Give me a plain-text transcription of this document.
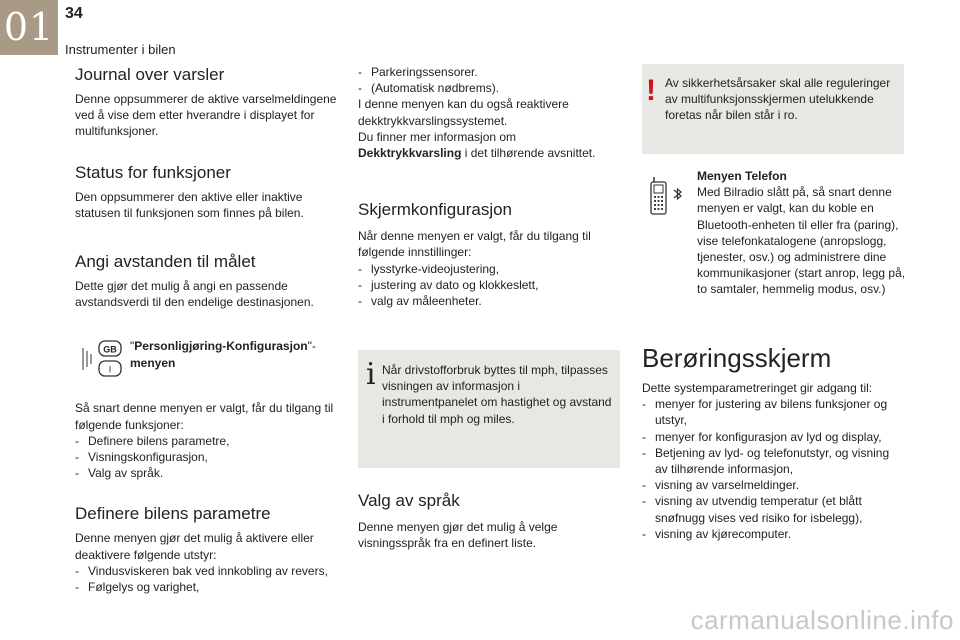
01 34
Instrumenter i bilen
Journal over varsler

Denne oppsummerer de aktive varselmeldingene ved å vise dem etter hverandre i displayet for multifunksjoner.

Status for funksjoner

Den oppsummerer den aktive eller inaktive statusen til funksjonen som finnes på bilen.

Angi avstanden til målet

Dette gjør det mulig å angi en passende avstandsverdi til den endelige destinasjonen.

GB
I
"Personligjøring-Konfigurasjon"-
menyen

Så snart denne menyen er valgt, får du tilgang til følgende funksjoner:

- Definere bilens parametre,
- Visningskonfigurasjon,
- Valg av språk.
Definere bilens parametre

Denne menyen gjør det mulig å aktivere eller deaktivere følgende utstyr:

- Vindusviskeren bak ved innkobling av revers,
- Følgelys og varighet,
- Parkeringssensorer.
- (Automatisk nødbrems).

I denne menyen kan du også reaktivere dekktrykkvarslingssystemet.

Du finner mer informasjon om Dekktrykkvarsling i det tilhørende avsnittet.

Skjermkonfigurasjon

Når denne menyen er valgt, får du tilgang til følgende innstillinger:

- lysstyrke-videojustering,
- justering av dato og klokkeslett,
- valg av måleenheter.
i Når drivstofforbruk byttes til mph, tilpasses visningen av informasjon i instrumentpanelet om hastighet og avstand i forhold til mph og miles.

Valg av språk

Denne menyen gjør det mulig å velge visningsspråk fra en definert liste.

! Av sikkerhetsårsaker skal alle reguleringer av multifunksjonsskjermen utelukkende foretas når bilen står i ro.

Menyen Telefon

Med Bilradio slått på, så snart denne menyen er valgt, kan du koble en Bluetooth-enheten til eller fra (paring), vise telefonkatalogene (anropslogg, tjenester, osv.) og administrere dine kommunikasjoner (start anrop, legg på, to samtaler, hemmelig modus, osv.)

Berøringsskjerm

Dette systemparametreringet gir adgang til:

- menyer for justering av bilens funksjoner og utstyr,
- menyer for konfigurasjon av lyd og display,
- Betjening av lyd- og telefonutstyr, og visning av tilhørende informasjon,
- visning av varselmeldinger.
- visning av utvendig temperatur (et blått snøfnugg vises ved risiko for isbelegg),
- visning av kjørecomputer.
carmanualsonline.info
